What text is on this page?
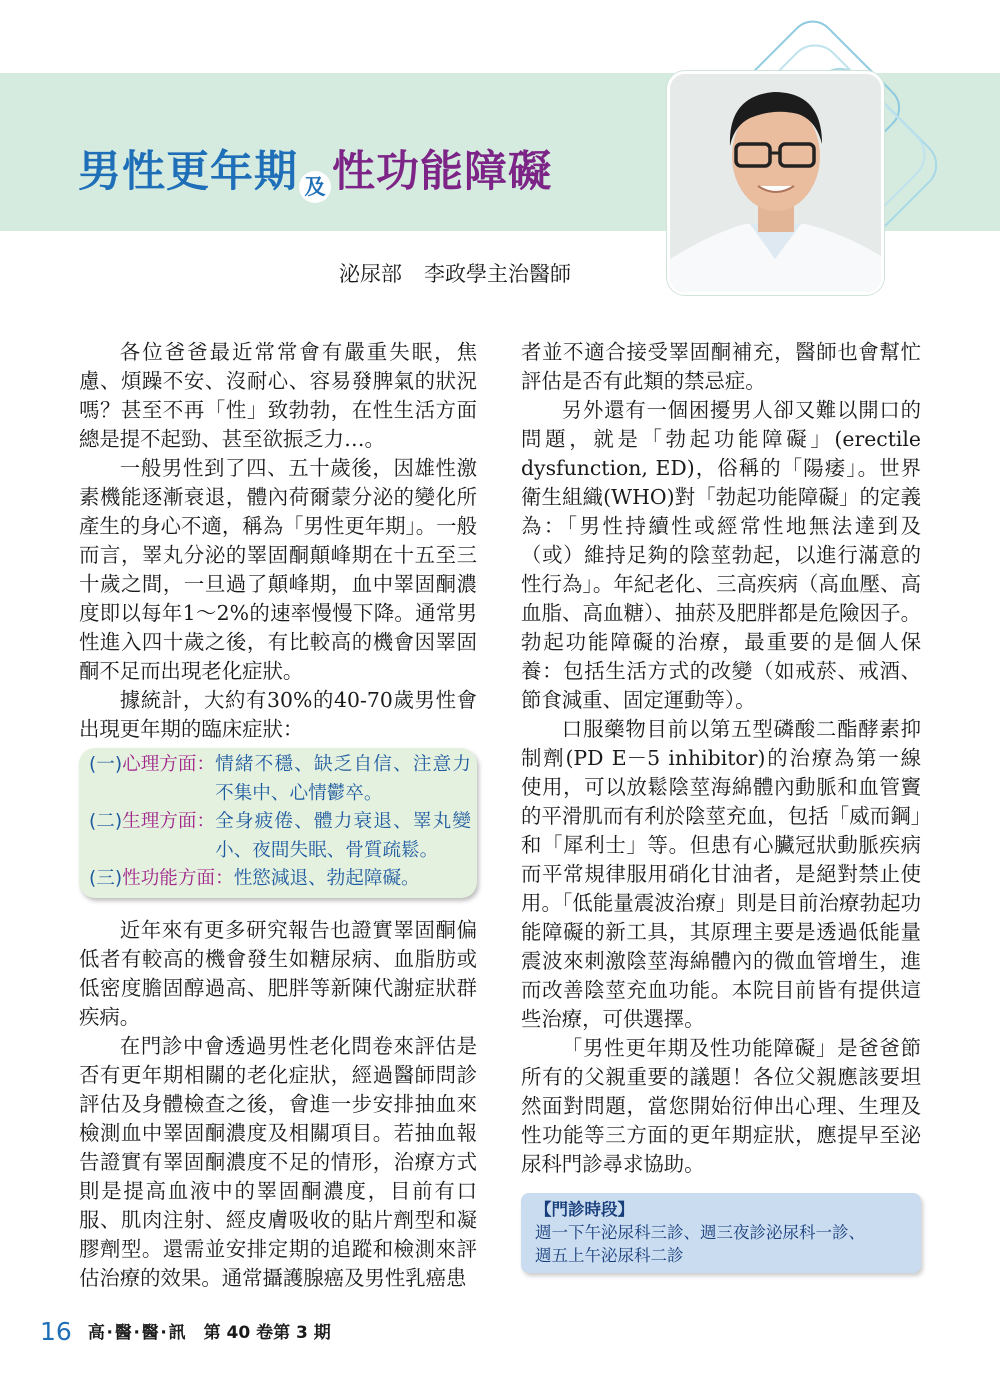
男性更年期 及 性功能障礙
泌尿部 李政學主治醫師

各位爸爸最近常常會有嚴重失眠，焦慮、煩躁不安、沒耐心、容易發脾氣的狀況嗎？甚至不再「性」致勃勃，在性生活方面總是提不起勁、甚至欲振乏力…。

一般男性到了四、五十歲後，因雄性激素機能逐漸衰退，體內荷爾蒙分泌的變化所產生的身心不適，稱為「男性更年期」。一般而言，睪丸分泌的睪固酮顛峰期在十五至三十歲之間，一旦過了顛峰期，血中睪固酮濃度即以每年1～2%的速率慢慢下降。通常男性進入四十歲之後，有比較高的機會因睪固酮不足而出現老化症狀。

據統計，大約有30%的40-70歲男性會出現更年期的臨床症狀：

(一) 心理方面： 情緒不穩、缺乏自信、注意力不集中、心情鬱卒。
(二) 生理方面： 全身疲倦、體力衰退、睪丸變小、夜間失眠、骨質疏鬆。
(三) 性功能方面： 性慾減退、勃起障礙。

近年來有更多研究報告也證實睪固酮偏低者有較高的機會發生如糖尿病、血脂肪或低密度膽固醇過高、肥胖等新陳代謝症狀群疾病。

在門診中會透過男性老化問卷來評估是否有更年期相關的老化症狀，經過醫師問診評估及身體檢查之後，會進一步安排抽血來檢測血中睪固酮濃度及相關項目。若抽血報告證實有睪固酮濃度不足的情形，治療方式則是提高血液中的睪固酮濃度，目前有口服、肌肉注射、經皮膚吸收的貼片劑型和凝膠劑型。還需並安排定期的追蹤和檢測來評估治療的效果。通常攝護腺癌及男性乳癌患

者並不適合接受睪固酮補充，醫師也會幫忙評估是否有此類的禁忌症。

另外還有一個困擾男人卻又難以開口的問題，就是「勃起功能障礙」(erectile dysfunction, ED)，俗稱的「陽痿」。世界衛生組織(WHO)對「勃起功能障礙」的定義為：「男性持續性或經常性地無法達到及（或）維持足夠的陰莖勃起，以進行滿意的性行為」。年紀老化、三高疾病（高血壓、高血脂、高血糖）、抽菸及肥胖都是危險因子。勃起功能障礙的治療，最重要的是個人保養：包括生活方式的改變（如戒菸、戒酒、節食減重、固定運動等）。

口服藥物目前以第五型磷酸二酯酵素抑制劑(PD E－5 inhibitor)的治療為第一線使用，可以放鬆陰莖海綿體內動脈和血管竇的平滑肌而有利於陰莖充血，包括「威而鋼」和「犀利士」等。但患有心臟冠狀動脈疾病而平常規律服用硝化甘油者，是絕對禁止使用。「低能量震波治療」則是目前治療勃起功能障礙的新工具，其原理主要是透過低能量震波來刺激陰莖海綿體內的微血管增生，進而改善陰莖充血功能。本院目前皆有提供這些治療，可供選擇。

「男性更年期及性功能障礙」是爸爸節所有的父親重要的議題！各位父親應該要坦然面對問題，當您開始衍伸出心理、生理及性功能等三方面的更年期症狀，應提早至泌尿科門診尋求協助。

【門診時段】
週一下午泌尿科三診、週三夜診泌尿科一診、
週五上午泌尿科二診
16 高‧醫‧醫‧訊 第 40 卷第 3 期
